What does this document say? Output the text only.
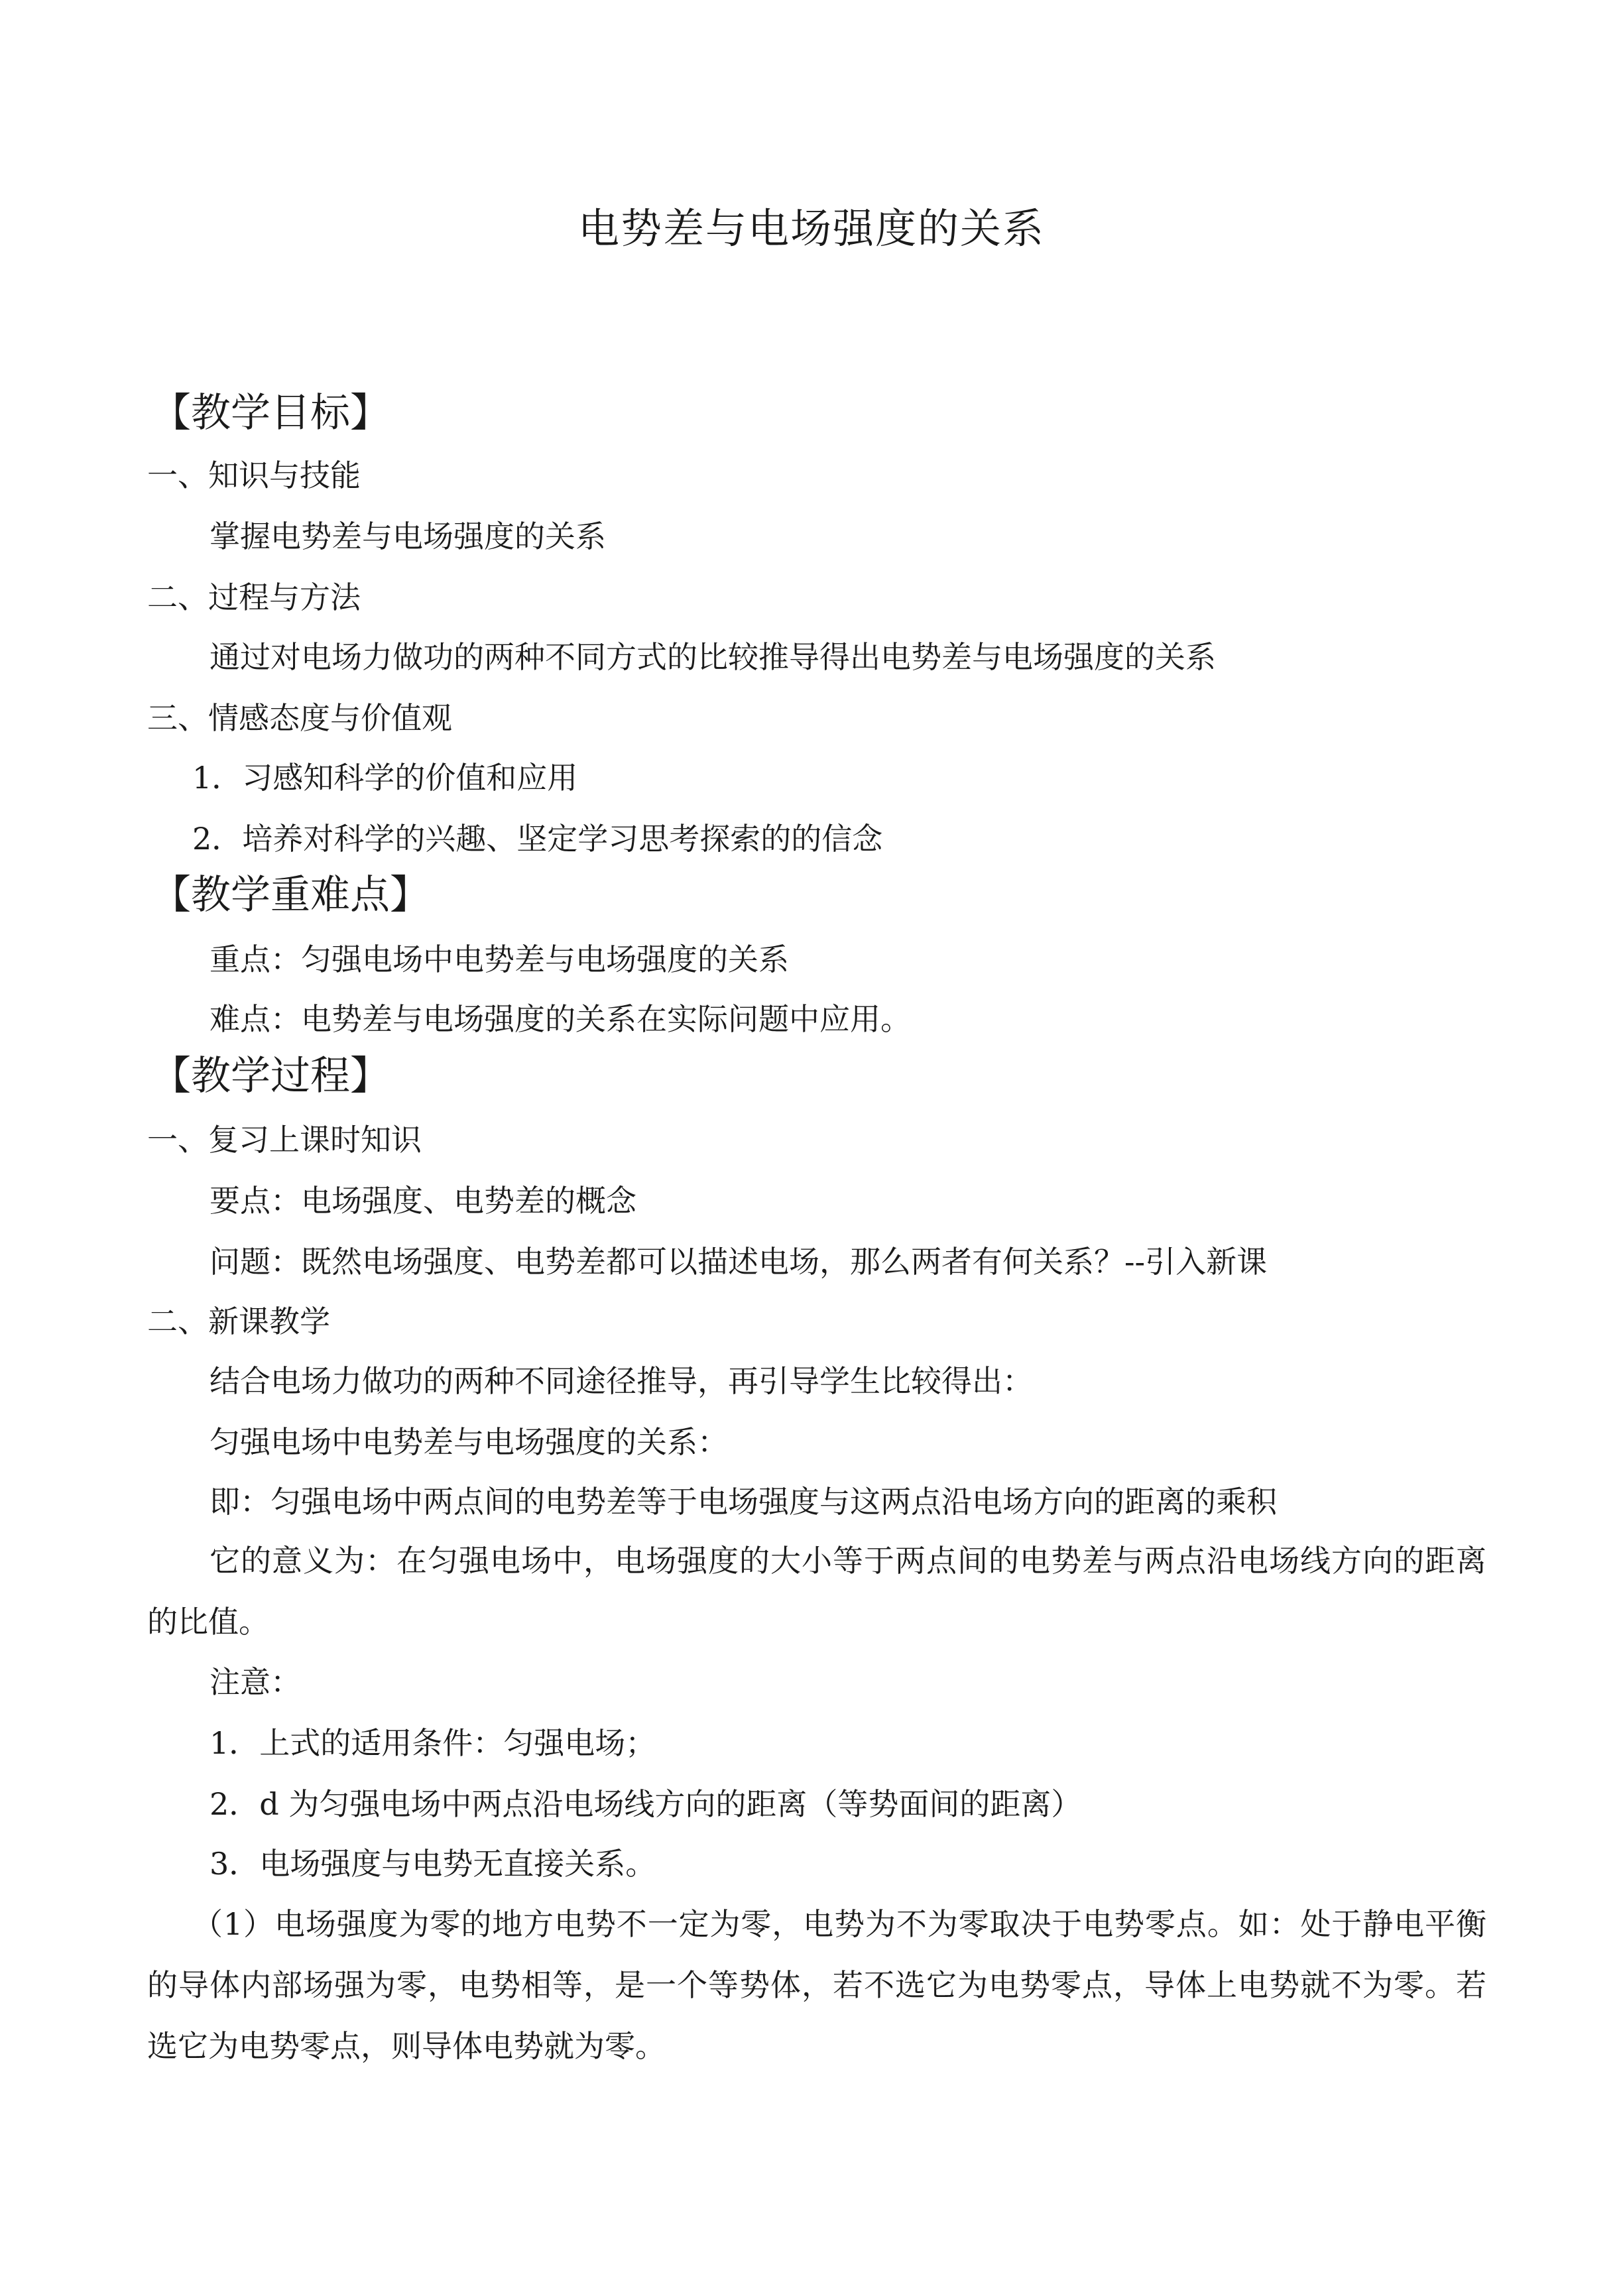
电势差与电场强度的关系
【教学目标】
一、知识与技能
掌握电势差与电场强度的关系
二、过程与方法
通过对电场力做功的两种不同方式的比较推导得出电势差与电场强度的关系
三、情感态度与价值观
1．习感知科学的价值和应用
2．培养对科学的兴趣、坚定学习思考探索的的信念
【教学重难点】
重点：匀强电场中电势差与电场强度的关系
难点：电势差与电场强度的关系在实际问题中应用。
【教学过程】
一、复习上课时知识
要点：电场强度、电势差的概念
问题：既然电场强度、电势差都可以描述电场，那么两者有何关系？--引入新课
二、新课教学
结合电场力做功的两种不同途径推导，再引导学生比较得出：
匀强电场中电势差与电场强度的关系：
即：匀强电场中两点间的电势差等于电场强度与这两点沿电场方向的距离的乘积
它的意义为：在匀强电场中，电场强度的大小等于两点间的电势差与两点沿电场线方向的距离的比值。
注意：
1．上式的适用条件：匀强电场；
2．d 为匀强电场中两点沿电场线方向的距离（等势面间的距离）
3．电场强度与电势无直接关系。
（1）电场强度为零的地方电势不一定为零，电势为不为零取决于电势零点。如：处于静电平衡的导体内部场强为零，电势相等，是一个等势体，若不选它为电势零点，导体上电势就不为零。若选它为电势零点，则导体电势就为零。
